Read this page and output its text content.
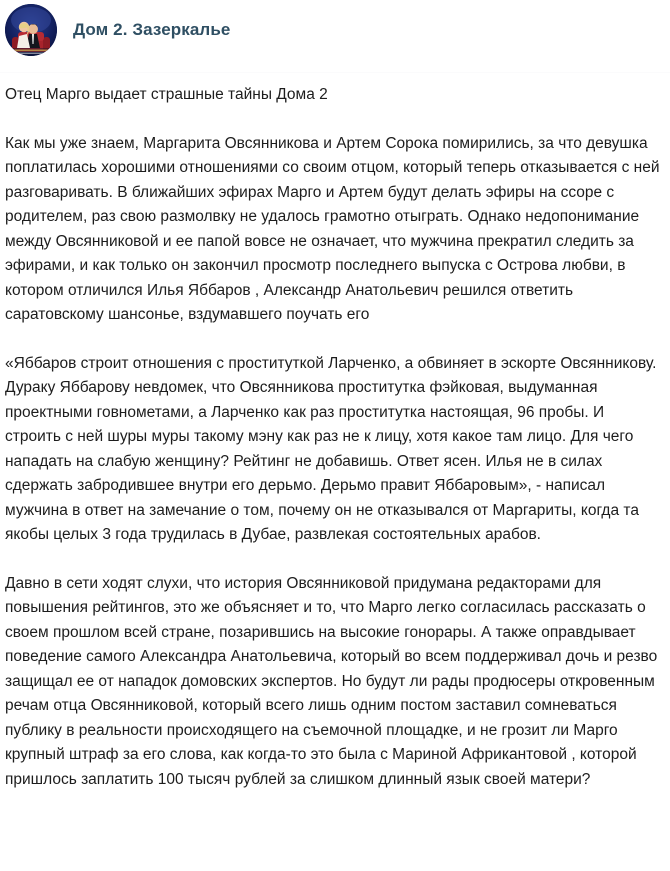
Дом 2. Зазеркалье

Отец Марго выдает страшные тайны Дома 2

Как мы уже знаем, Маргарита Овсянникова и Артем Сорока помирились, за что девушка поплатилась хорошими отношениями со своим отцом, который теперь отказывается с ней разговаривать. В ближайших эфирах Марго и Артем будут делать эфиры на ссоре с родителем, раз свою размолвку не удалось грамотно отыграть. Однако недопонимание между Овсянниковой и ее папой вовсе не означает, что мужчина прекратил следить за эфирами, и как только он закончил просмотр последнего выпуска с Острова любви, в котором отличился Илья Яббаров , Александр Анатольевич решился ответить саратовскому шансонье, вздумавшего поучать его

«Яббаров строит отношения с проституткой Ларченко, а обвиняет в эскорте Овсянникову. Дураку Яббарову невдомек, что Овсянникова проститутка фэйковая, выдуманная проектными говнометами, а Ларченко как раз проститутка настоящая, 96 пробы. И строить с ней шуры муры такому мэну как раз не к лицу, хотя какое там лицо. Для чего нападать на слабую женщину? Рейтинг не добавишь. Ответ ясен. Илья не в силах сдержать забродившее внутри его дерьмо. Дерьмо правит Яббаровым», - написал мужчина в ответ на замечание о том, почему он не отказывался от Маргариты, когда та якобы целых 3 года трудилась в Дубае, развлекая состоятельных арабов.

Давно в сети ходят слухи, что история Овсянниковой придумана редакторами для повышения рейтингов, это же объясняет и то, что Марго легко согласилась рассказать о своем прошлом всей стране, позарившись на высокие гонорары. А также оправдывает поведение самого Александра Анатольевича, который во всем поддерживал дочь и резво защищал ее от нападок домовских экспертов. Но будут ли рады продюсеры откровенным речам отца Овсянниковой, который всего лишь одним постом заставил сомневаться публику в реальности происходящего на съемочной площадке, и не грозит ли Марго крупный штраф за его слова, как когда-то это была с Мариной Африкантовой , которой пришлось заплатить 100 тысяч рублей за слишком длинный язык своей матери?
